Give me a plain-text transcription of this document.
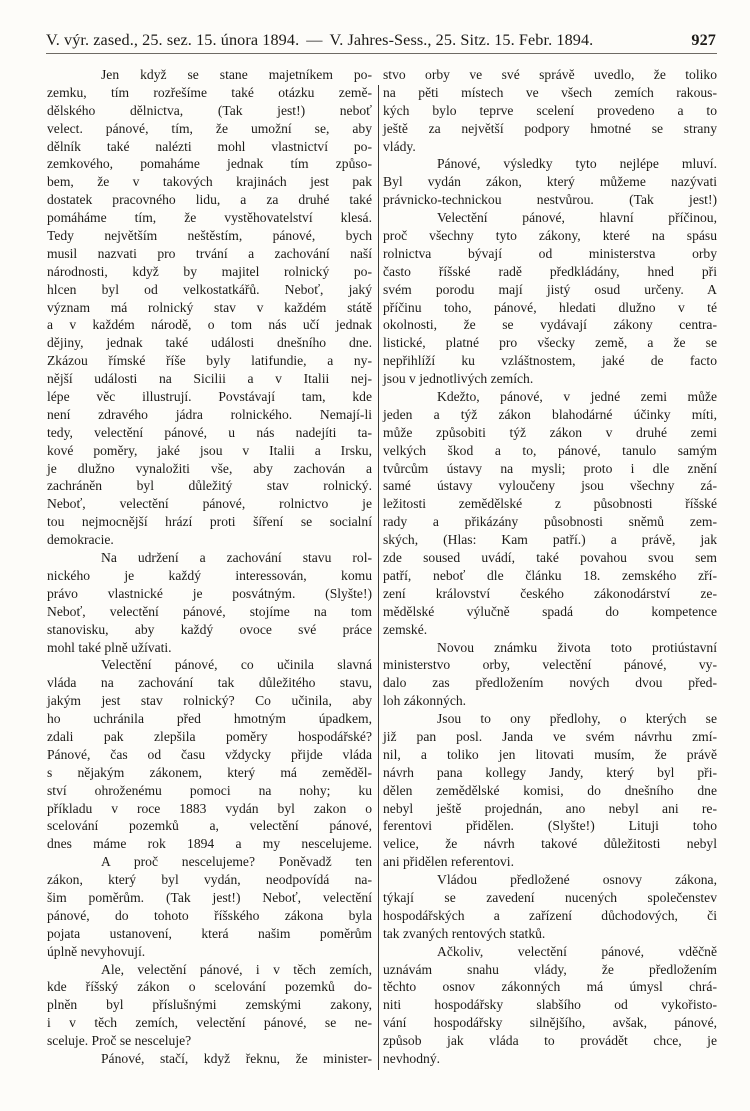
V. výr. zased., 25. sez. 15. února 1894. — V. Jahres-Sess., 25. Sitz. 15. Febr. 1894.	927
Jen když se stane majetníkem po-
zemku, tím rozřešíme také otázku země-
dělského dělnictva, (Tak jest!) neboť
velect. pánové, tím, že umožní se, aby
dělník také nalézti mohl vlastnictví po-
zemkového, pomaháme jednak tím způso-
bem, že v takových krajinách jest pak
dostatek pracovného lidu, a za druhé také
pomáháme tím, že vystěhovatelství klesá.
Tedy největším neštěstím, pánové, bych
musil nazvati pro trvání a zachování naší
národnosti, když by majitel rolnický po-
hlcen byl od velkostatkářů. Neboť, jaký
význam má rolnický stav v každém státě
a v každém národě, o tom nás učí jednak
dějiny, jednak také události dnešního dne.
Zkázou římské říše byly latifundie, a ny-
nější události na Sicilii a v Italii nej-
lépe věc illustrují. Povstávají tam, kde
není zdravého jádra rolnického. Nemají-li
tedy, velectění pánové, u nás nadejíti ta-
kové poměry, jaké jsou v Italii a Irsku,
je dlužno vynaložiti vše, aby zachován a
zachráněn byl důležitý stav rolnický.
Neboť, velectění pánové, rolnictvo je
tou nejmocnější hrází proti šíření se socialní
demokracie.
Na udržení a zachování stavu rol-
nického je každý interessován, komu
právo vlastnické je posvátným. (Slyšte!)
Neboť, velectění pánové, stojíme na tom
stanovisku, aby každý ovoce své práce
mohl také plně užívati.
Velectění pánové, co učinila slavná
vláda na zachování tak důležitého stavu,
jakým jest stav rolnický? Co učinila, aby
ho uchránila před hmotným úpadkem,
zdali pak zlepšila poměry hospodářské?
Pánové, čas od času vždycky přijde vláda
s nějakým zákonem, který má zeměděl-
ství ohroženému pomoci na nohy; ku
příkladu v roce 1883 vydán byl zakon o
scelování pozemků a, velectění pánové,
dnes máme rok 1894 a my nescelujeme.
A proč nescelujeme? Poněvadž ten
zákon, který byl vydán, neodpovídá na-
šim poměrům. (Tak jest!) Neboť, velectění
pánové, do tohoto říšského zákona byla
pojata ustanovení, která našim poměrům
úplně nevyhovují.
Ale, velectění pánové, i v těch zemích,
kde říšský zákon o scelování pozemků do-
plněn byl příslušnými zemskými zakony,
i v těch zemích, velectění pánové, se ne-
sceluje. Proč se nesceluje?
Pánové, stačí, když řeknu, že minister-
stvo orby ve své správě uvedlo, že toliko
na pěti místech ve všech zemích rakous-
kých bylo teprve scelení provedeno a to
ještě za největší podpory hmotné se strany
vlády.
Pánové, výsledky tyto nejlépe mluví.
Byl vydán zákon, který můžeme nazývati
právnicko-technickou nestvůrou. (Tak jest!)
Velectění pánové, hlavní příčinou,
proč všechny tyto zákony, které na spásu
rolnictva bývají od ministerstva orby
často říšské radě předkládány, hned při
svém porodu mají jistý osud určeny. A
příčinu toho, pánové, hledati dlužno v té
okolnosti, že se vydávají zákony centra-
listické, platné pro všecky země, a že se
nepřihlíží ku vzláštnostem, jaké de facto
jsou v jednotlivých zemích.
Kdežto, pánové, v jedné zemi může
jeden a týž zákon blahodárné účinky míti,
může způsobiti týž zákon v druhé zemi
velkých škod a to, pánové, tanulo samým
tvůrcům ústavy na mysli; proto i dle znění
samé ústavy vyloučeny jsou všechny zá-
ležitosti zemědělské z působnosti říšské
rady a přikázány působnosti sněmů zem-
ských, (Hlas: Kam patří.) a právě, jak
zde soused uvádí, také povahou svou sem
patří, neboť dle článku 18. zemského zří-
zení království českého zákonodárství ze-
mědělské výlučně spadá do kompetence
zemské.
Novou známku života toto protiústavní
ministerstvo orby, velectění pánové, vy-
dalo zas předložením nových dvou před-
loh zákonných.
Jsou to ony předlohy, o kterých se
již pan posl. Janda ve svém návrhu zmí-
nil, a toliko jen litovati musím, že právě
návrh pana kollegy Jandy, který byl při-
dělen zemědělské komisi, do dnešního dne
nebyl ještě projednán, ano nebyl ani re-
ferentovi přidělen. (Slyšte!) Lituji toho
velice, že návrh takové důležitosti nebyl
ani přidělen referentovi.
Vládou předložené osnovy zákona,
týkají se zavedení nucených společenstev
hospodářských a zařízení důchodových, či
tak zvaných rentových statků.
Ačkoliv, velectění pánové, vděčně
uznávám snahu vlády, že předložením
těchto osnov zákonných má úmysl chrá-
niti hospodářsky slabšího od vykořisto-
vání hospodářsky silnějšího, avšak, pánové,
způsob jak vláda to provádět chce, je
nevhodný.
